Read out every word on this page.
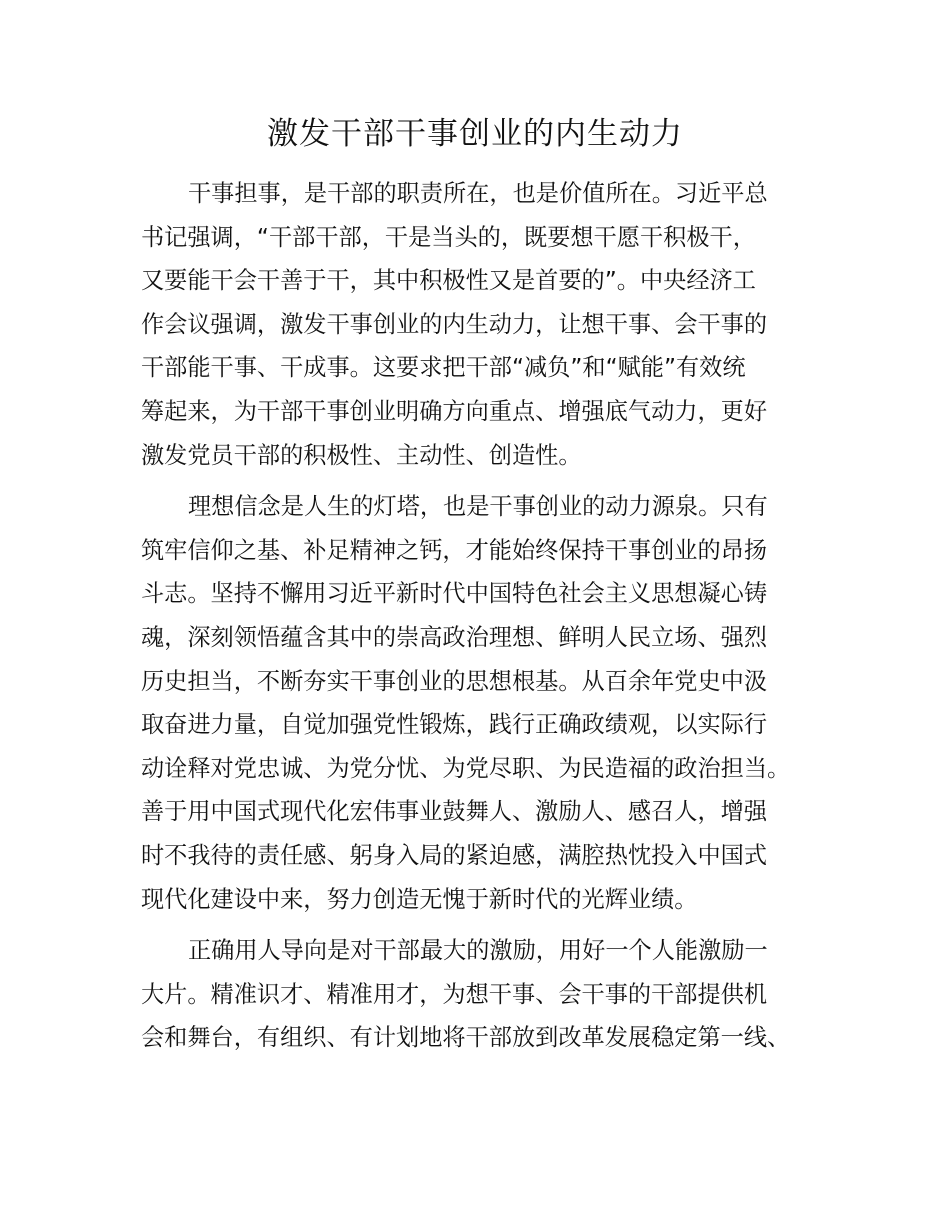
激发干部干事创业的内生动力

干事担事，是干部的职责所在，也是价值所在。习近平总
书记强调，“干部干部，干是当头的，既要想干愿干积极干，
又要能干会干善于干，其中积极性又是首要的”。中央经济工
作会议强调，激发干事创业的内生动力，让想干事、会干事的
干部能干事、干成事。这要求把干部“减负”和“赋能”有效统
筹起来，为干部干事创业明确方向重点、增强底气动力，更好
激发党员干部的积极性、主动性、创造性。

理想信念是人生的灯塔，也是干事创业的动力源泉。只有
筑牢信仰之基、补足精神之钙，才能始终保持干事创业的昂扬
斗志。坚持不懈用习近平新时代中国特色社会主义思想凝心铸
魂，深刻领悟蕴含其中的崇高政治理想、鲜明人民立场、强烈
历史担当，不断夯实干事创业的思想根基。从百余年党史中汲
取奋进力量，自觉加强党性锻炼，践行正确政绩观，以实际行
动诠释对党忠诚、为党分忧、为党尽职、为民造福的政治担当。
善于用中国式现代化宏伟事业鼓舞人、激励人、感召人，增强
时不我待的责任感、躬身入局的紧迫感，满腔热忱投入中国式
现代化建设中来，努力创造无愧于新时代的光辉业绩。

正确用人导向是对干部最大的激励，用好一个人能激励一
大片。精准识才、精准用才，为想干事、会干事的干部提供机
会和舞台，有组织、有计划地将干部放到改革发展稳定第一线、
